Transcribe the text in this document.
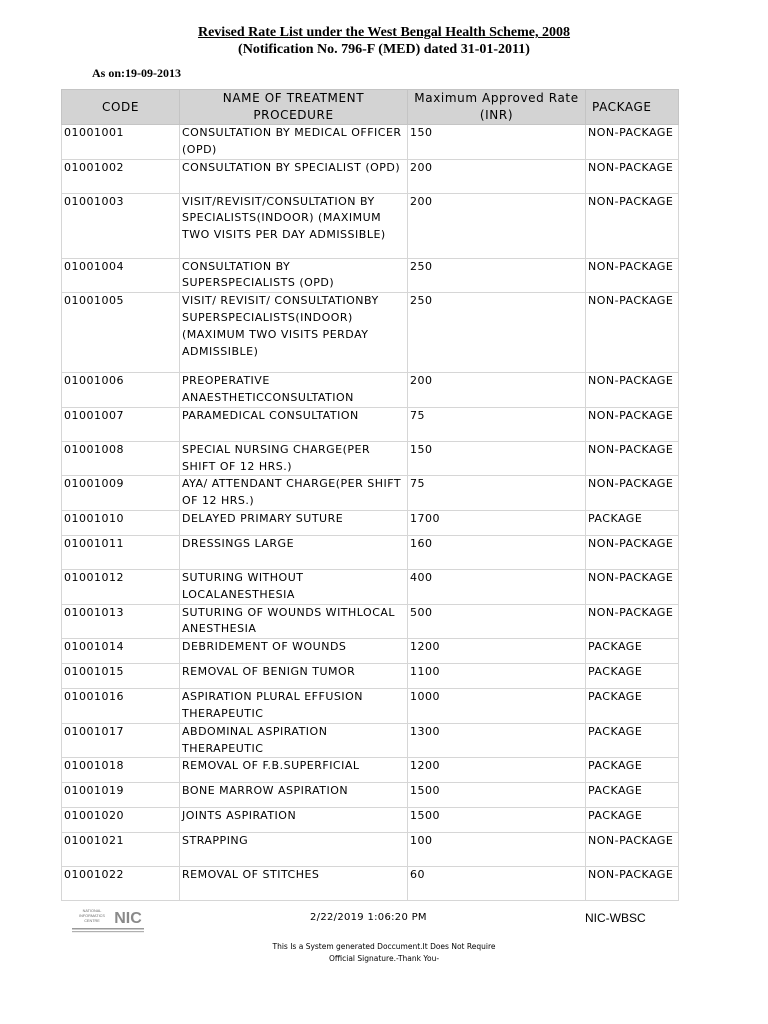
Revised Rate List under the West Bengal Health Scheme, 2008
(Notification No. 796-F (MED) dated 31-01-2011)
As on:19-09-2013
CODE	NAME OF TREATMENT PROCEDURE	Maximum Approved Rate (INR)	PACKAGE
01001001	CONSULTATION BY MEDICAL OFFICER (OPD)	150	NON-PACKAGE
01001002	CONSULTATION BY SPECIALIST (OPD)	200	NON-PACKAGE
01001003	VISIT/REVISIT/CONSULTATION BY SPECIALISTS(INDOOR) (MAXIMUM TWO VISITS PER DAY ADMISSIBLE)	200	NON-PACKAGE
01001004	CONSULTATION BY SUPERSPECIALISTS (OPD)	250	NON-PACKAGE
01001005	VISIT/ REVISIT/ CONSULTATIONBY SUPERSPECIALISTS(INDOOR) (MAXIMUM TWO VISITS PERDAY ADMISSIBLE)	250	NON-PACKAGE
01001006	PREOPERATIVE ANAESTHETICCONSULTATION	200	NON-PACKAGE
01001007	PARAMEDICAL CONSULTATION	75	NON-PACKAGE
01001008	SPECIAL NURSING CHARGE(PER SHIFT OF 12 HRS.)	150	NON-PACKAGE
01001009	AYA/ ATTENDANT CHARGE(PER SHIFT OF 12 HRS.)	75	NON-PACKAGE
01001010	DELAYED PRIMARY SUTURE	1700	PACKAGE
01001011	DRESSINGS LARGE	160	NON-PACKAGE
01001012	SUTURING WITHOUT LOCALANESTHESIA	400	NON-PACKAGE
01001013	SUTURING OF WOUNDS WITHLOCAL ANESTHESIA	500	NON-PACKAGE
01001014	DEBRIDEMENT OF WOUNDS	1200	PACKAGE
01001015	REMOVAL OF BENIGN TUMOR	1100	PACKAGE
01001016	ASPIRATION PLURAL EFFUSION THERAPEUTIC	1000	PACKAGE
01001017	ABDOMINAL ASPIRATION THERAPEUTIC	1300	PACKAGE
01001018	REMOVAL OF F.B.SUPERFICIAL	1200	PACKAGE
01001019	BONE MARROW ASPIRATION	1500	PACKAGE
01001020	JOINTS ASPIRATION	1500	PACKAGE
01001021	STRAPPING	100	NON-PACKAGE
01001022	REMOVAL OF STITCHES	60	NON-PACKAGE
NATIONAL
INFORMATICS
CENTRE NIC	2/22/2019 1:06:20 PM	NIC-WBSC
This Is a System generated Doccument.It Does Not Require
Official Signature.-Thank You-
